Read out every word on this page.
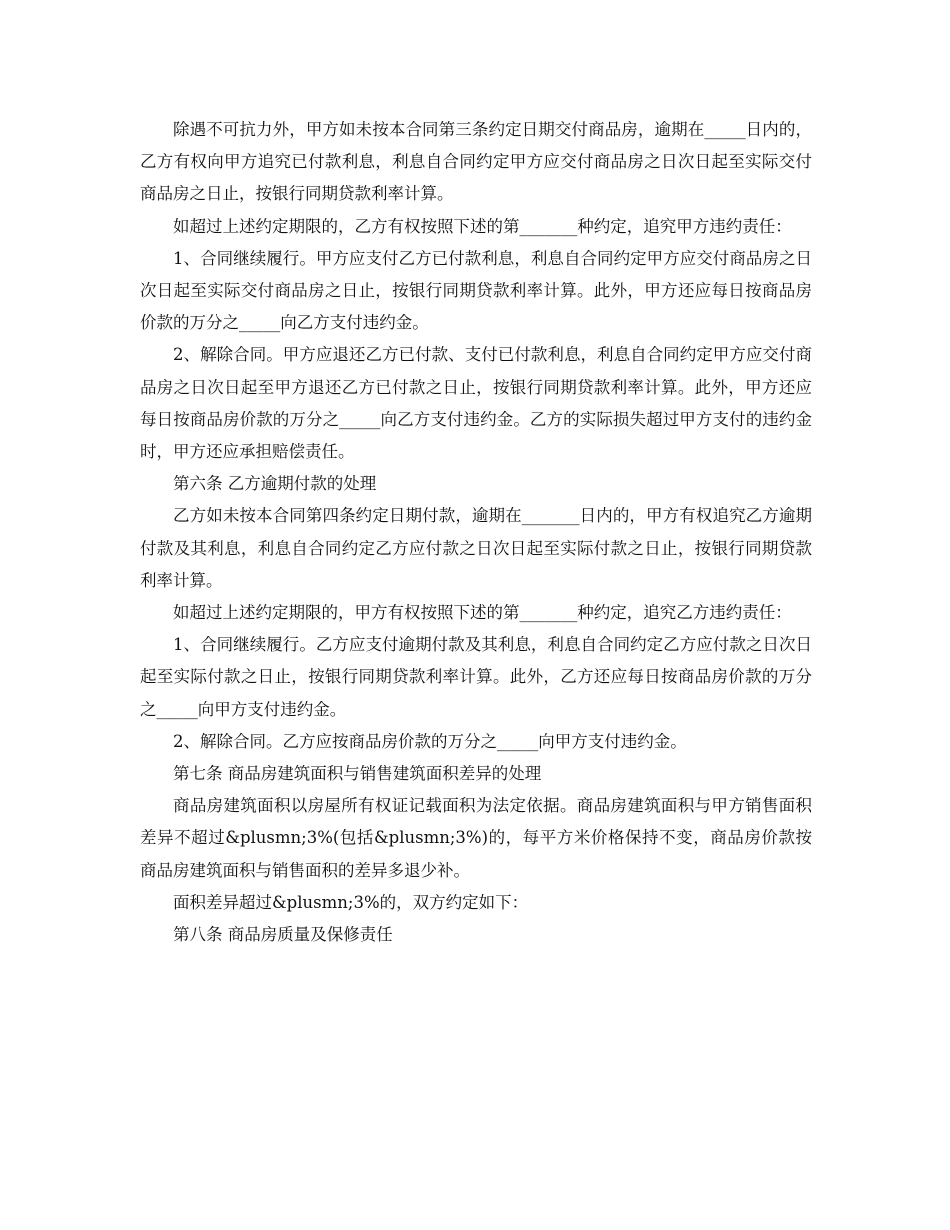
除遇不可抗力外，甲方如未按本合同第三条约定日期交付商品房，逾期在_____日内的，乙方有权向甲方追究已付款利息，利息自合同约定甲方应交付商品房之日次日起至实际交付商品房之日止，按银行同期贷款利率计算。

如超过上述约定期限的，乙方有权按照下述的第_______种约定，追究甲方违约责任：

1、合同继续履行。甲方应支付乙方已付款利息，利息自合同约定甲方应交付商品房之日次日起至实际交付商品房之日止，按银行同期贷款利率计算。此外，甲方还应每日按商品房价款的万分之_____向乙方支付违约金。

2、解除合同。甲方应退还乙方已付款、支付已付款利息，利息自合同约定甲方应交付商品房之日次日起至甲方退还乙方已付款之日止，按银行同期贷款利率计算。此外，甲方还应每日按商品房价款的万分之_____向乙方支付违约金。乙方的实际损失超过甲方支付的违约金时，甲方还应承担赔偿责任。

第六条 乙方逾期付款的处理

乙方如未按本合同第四条约定日期付款，逾期在_______日内的，甲方有权追究乙方逾期付款及其利息，利息自合同约定乙方应付款之日次日起至实际付款之日止，按银行同期贷款利率计算。

如超过上述约定期限的，甲方有权按照下述的第_______种约定，追究乙方违约责任：

1、合同继续履行。乙方应支付逾期付款及其利息，利息自合同约定乙方应付款之日次日起至实际付款之日止，按银行同期贷款利率计算。此外，乙方还应每日按商品房价款的万分之_____向甲方支付违约金。

2、解除合同。乙方应按商品房价款的万分之_____向甲方支付违约金。

第七条 商品房建筑面积与销售建筑面积差异的处理

商品房建筑面积以房屋所有权证记载面积为法定依据。商品房建筑面积与甲方销售面积差异不超过&plusmn;3%(包括&plusmn;3%)的，每平方米价格保持不变，商品房价款按商品房建筑面积与销售面积的差异多退少补。

面积差异超过&plusmn;3%的，双方约定如下：

第八条 商品房质量及保修责任
